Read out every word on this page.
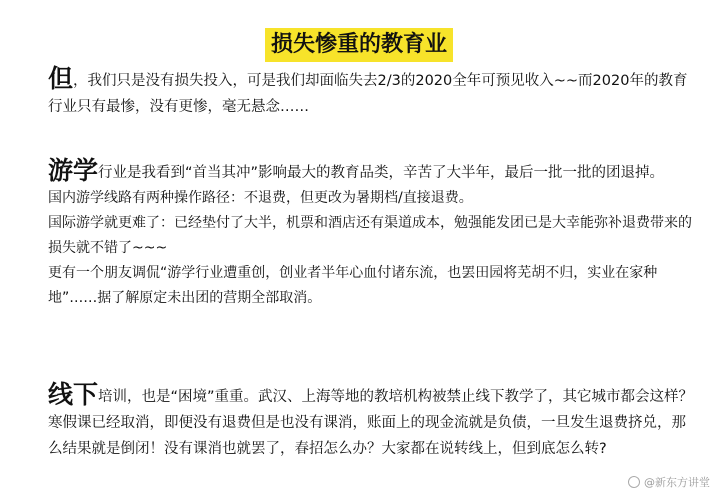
损失惨重的教育业

但，我们只是没有损失投入，可是我们却面临失去2/3的2020全年可预见收入~~而2020年的教育行业只有最惨，没有更惨，毫无悬念……

游学行业是我看到“首当其冲”影响最大的教育品类，辛苦了大半年，最后一批一批的团退掉。

国内游学线路有两种操作路径：不退费，但更改为暑期档/直接退费。

国际游学就更难了：已经垫付了大半，机票和酒店还有渠道成本，勉强能发团已是大幸能弥补退费带来的损失就不错了~~~

更有一个朋友调侃“游学行业遭重创，创业者半年心血付诸东流，也罢田园将芜胡不归，实业在家种地”……据了解原定未出团的营期全部取消。

线下培训，也是“困境”重重。武汉、上海等地的教培机构被禁止线下教学了，其它城市都会这样？寒假课已经取消，即便没有退费但是也没有课消，账面上的现金流就是负债，一旦发生退费挤兑，那么结果就是倒闭！没有课消也就罢了，春招怎么办？大家都在说转线上，但到底怎么转?

@新东方讲堂
